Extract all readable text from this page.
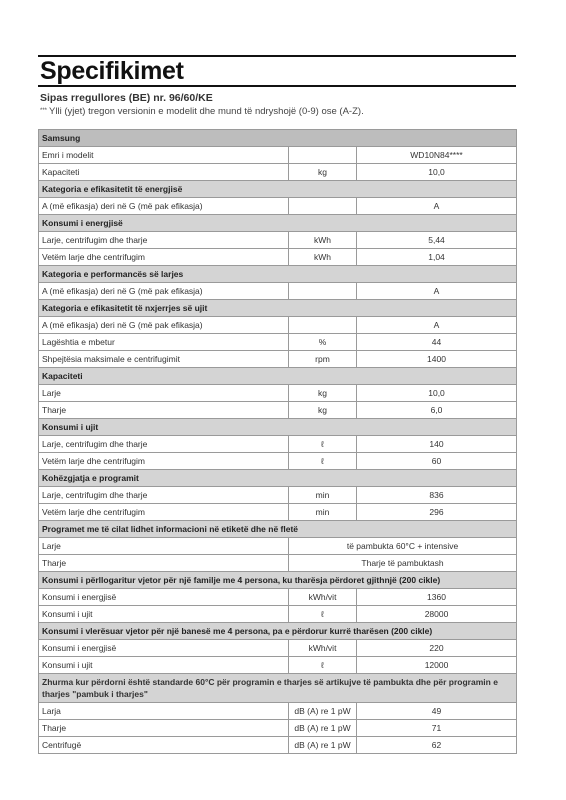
Specifikimet
Sipas rregullores (BE) nr. 96/60/KE
*** Ylli (yjet) tregon versionin e modelit dhe mund të ndryshojë (0-9) ose (A-Z).
Samsung		
Emri i modelit		WD10N84****
Kapaciteti	kg	10,0
Kategoria e efikasitetit të energjisë		
A (më efikasja) deri në G (më pak efikasja)		A
Konsumi i energjisë		
Larje, centrifugim dhe tharje	kWh	5,44
Vetëm larje dhe centrifugim	kWh	1,04
Kategoria e performancës së larjes		
A (më efikasja) deri në G (më pak efikasja)		A
Kategoria e efikasitetit të nxjerrjes së ujit		
A (më efikasja) deri në G (më pak efikasja)		A
Lagështia e mbetur	%	44
Shpejtësia maksimale e centrifugimit	rpm	1400
Kapaciteti		
Larje	kg	10,0
Tharje	kg	6,0
Konsumi i ujit		
Larje, centrifugim dhe tharje	ℓ	140
Vetëm larje dhe centrifugim	ℓ	60
Kohëzgjatja e programit		
Larje, centrifugim dhe tharje	min	836
Vetëm larje dhe centrifugim	min	296
Programet me të cilat lidhet informacioni në etiketë dhe në fletë		
Larje	të pambukta 60°C + intensive	
Tharje	Tharje të pambuktash	
Konsumi i përllogaritur vjetor për një familje me 4 persona, ku tharësja përdoret gjithnjë (200 cikle)		
Konsumi i energjisë	kWh/vit	1360
Konsumi i ujit	ℓ	28000
Konsumi i vlerësuar vjetor për një banesë me 4 persona, pa e përdorur kurrë tharësen (200 cikle)		
Konsumi i energjisë	kWh/vit	220
Konsumi i ujit	ℓ	12000
Zhurma kur përdorni është standarde 60°C për programin e tharjes së artikujve të pambukta dhe për programin e tharjes "pambuk i tharjes"		
Larja	dB (A) re 1 pW	49
Tharje	dB (A) re 1 pW	71
Centrifugë	dB (A) re 1 pW	62
